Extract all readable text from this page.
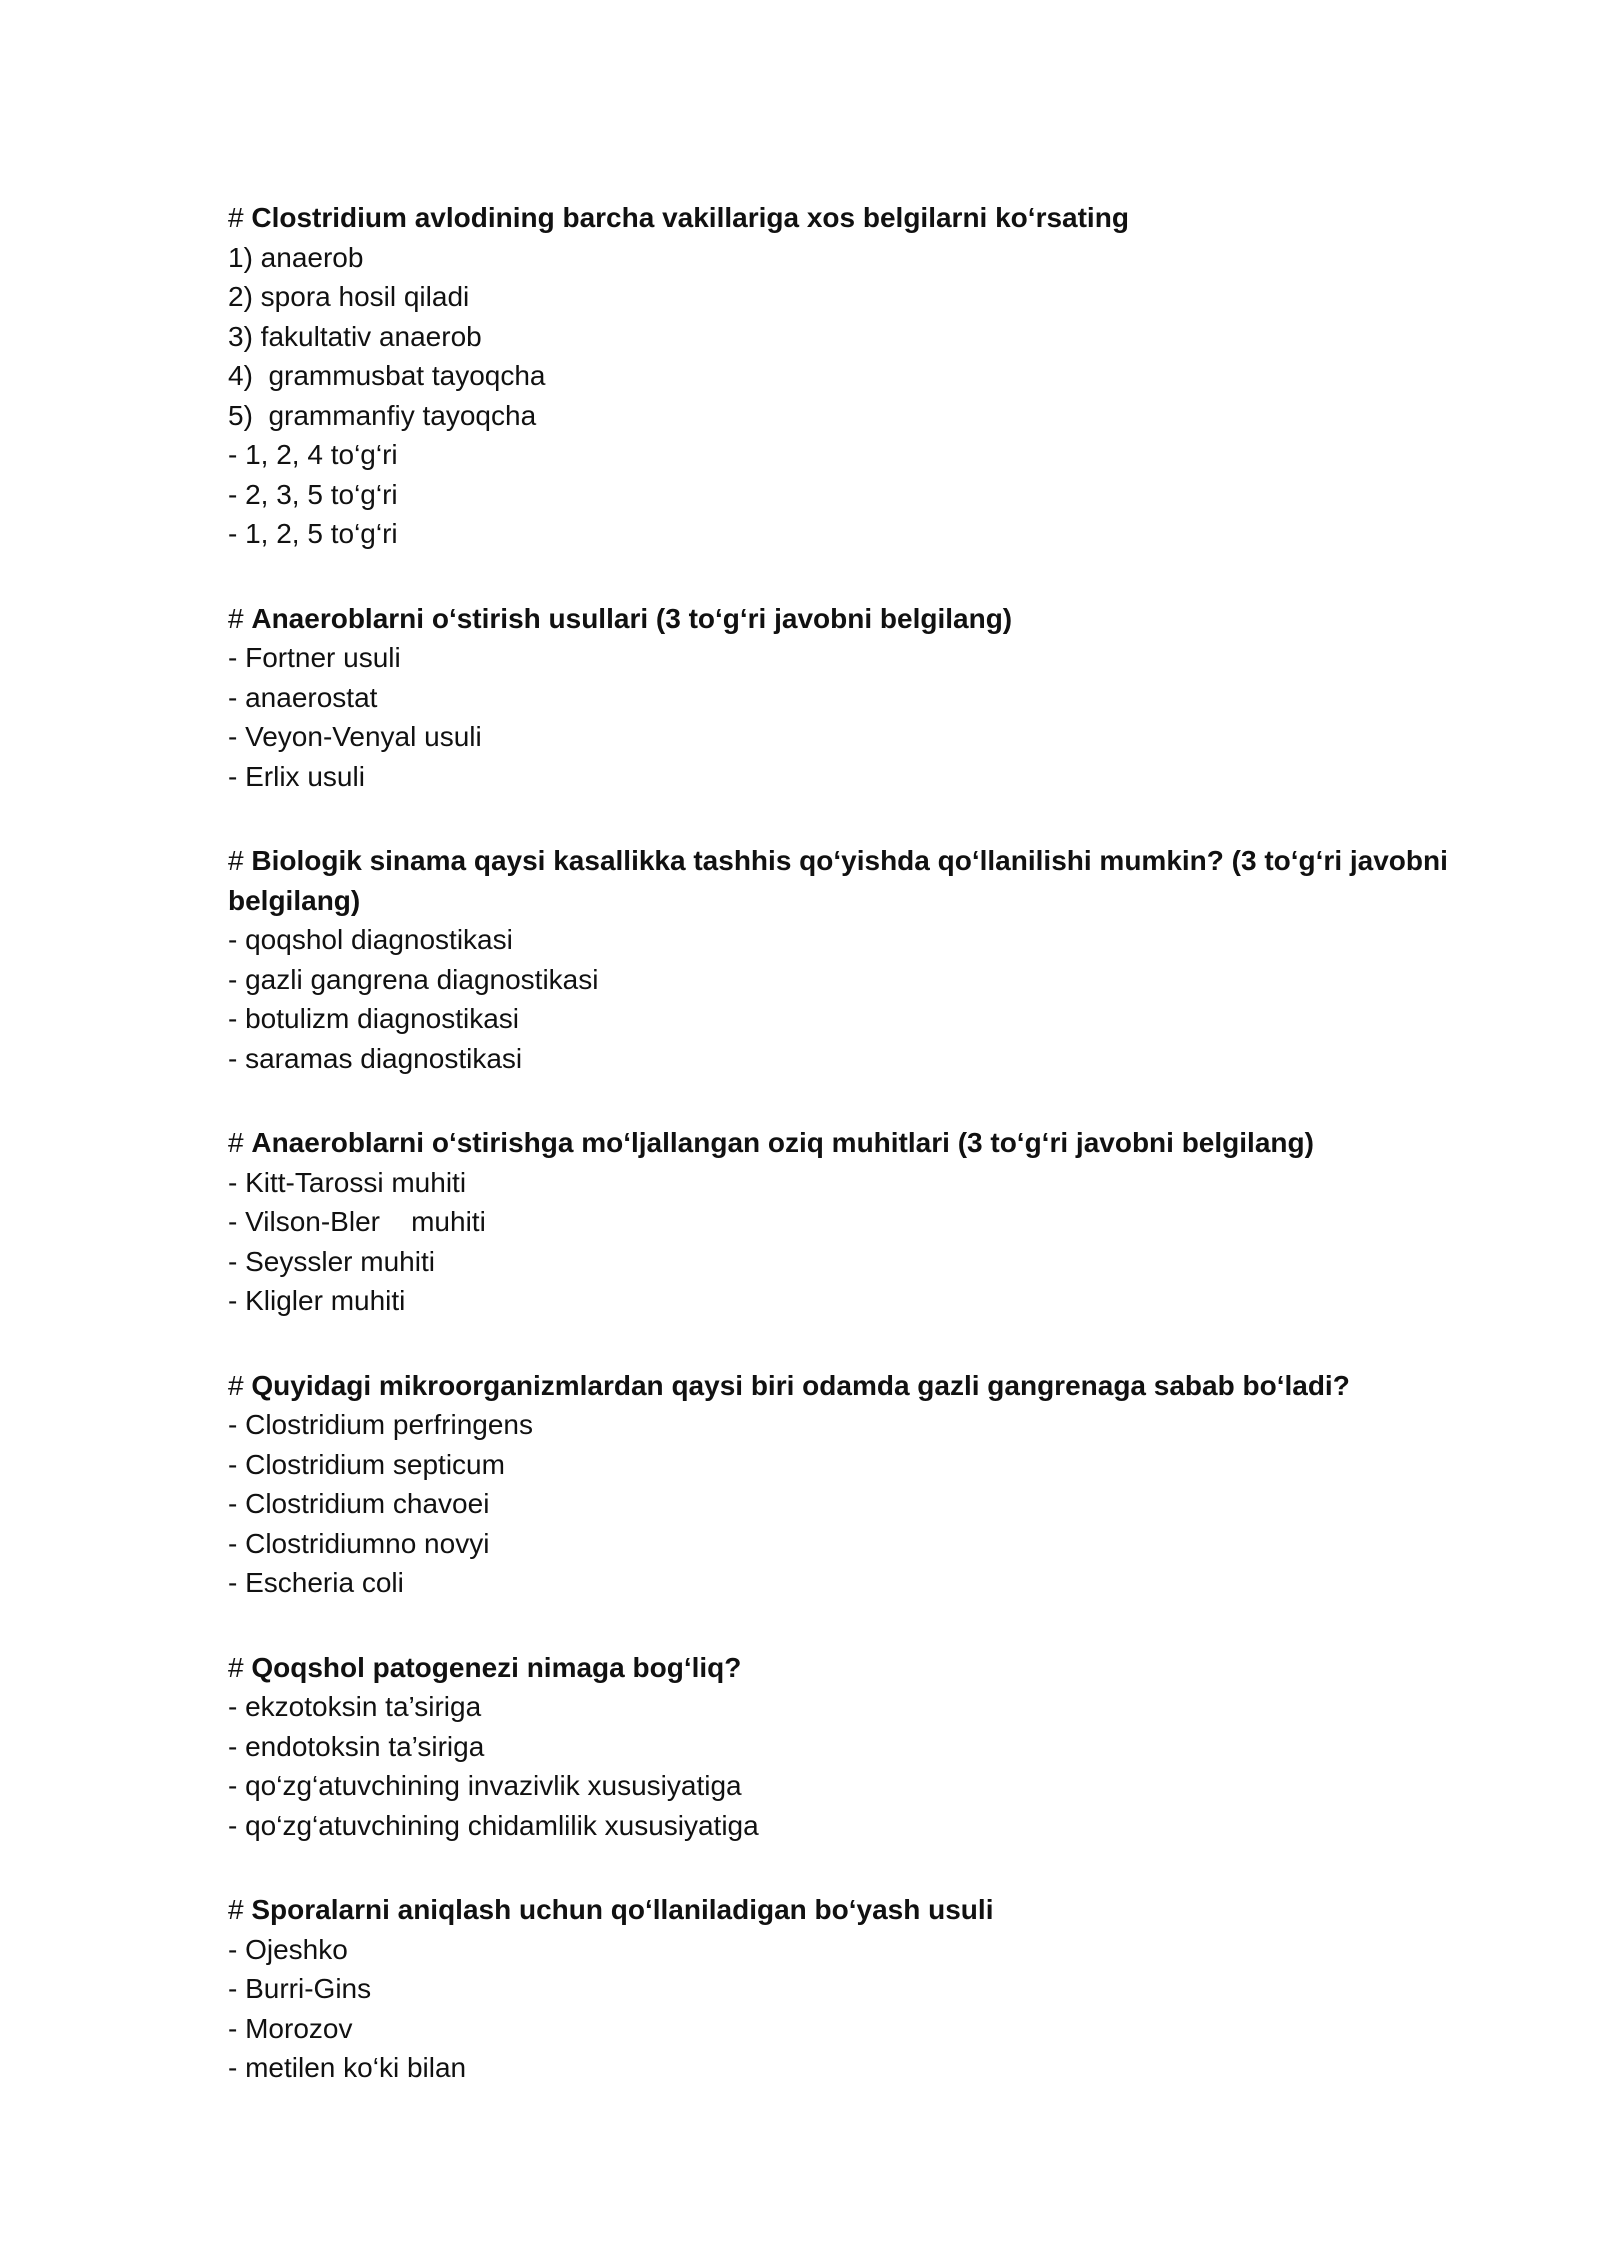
# Clostridium avlodining barcha vakillariga xos belgilarni ko‘rsating

1) anaerob

2) spora hosil qiladi

3) fakultativ anaerob

4)  grammusbat tayoqcha

5)  grammanfiy tayoqcha

- 1, 2, 4 to‘g‘ri

- 2, 3, 5 to‘g‘ri

- 1, 2, 5 to‘g‘ri

# Anaeroblarni o‘stirish usullari (3 to‘g‘ri javobni belgilang)

- Fortner usuli

- anaerostat

- Veyon-Venyal usuli

- Erlix usuli

# Biologik sinama qaysi kasallikka tashhis qo‘yishda qo‘llanilishi mumkin? (3 to‘g‘ri javobni belgilang)

- qoqshol diagnostikasi

- gazli gangrena diagnostikasi

- botulizm diagnostikasi

- saramas diagnostikasi

# Anaeroblarni o‘stirishga mo‘ljallangan oziq muhitlari (3 to‘g‘ri javobni belgilang)

- Kitt-Tarossi muhiti

- Vilson-Bler    muhiti

- Seyssler muhiti

- Kligler muhiti

# Quyidagi mikroorganizmlardan qaysi biri odamda gazli gangrenaga sabab bo‘ladi?

- Clostridium perfringens

- Clostridium septicum

- Clostridium chavoei

- Clostridiumno novyi

- Escheria coli

# Qoqshol patogenezi nimaga bog‘liq?

- ekzotoksin ta’siriga

- endotoksin ta’siriga

- qo‘zg‘atuvchining invazivlik xususiyatiga

- qo‘zg‘atuvchining chidamlilik xususiyatiga

# Sporalarni aniqlash uchun qo‘llaniladigan bo‘yash usuli

- Ojeshko

- Burri-Gins

- Morozov

- metilen ko‘ki bilan
